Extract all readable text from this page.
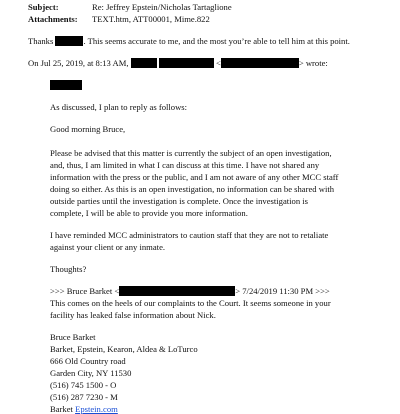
Subject:	Re: Jeffrey Epstein/Nicholas Tartaglione
Attachments: TEXT.htm, ATT00001, Mime.822
Thanks	. This seems accurate to me, and the most you’re able to tell him at this point.
On Jul 25, 2019, at 8:13 AM,	<	> wrote:
As discussed, I plan to reply as follows:
Good morning Bruce,
Please be advised that this matter is currently the subject of an open investigation,
and, thus, I am limited in what I can discuss at this time. I have not shared any
information with the press or the public, and I am not aware of any other MCC staff
doing so either. As this is an open investigation, no information can be shared with
outside parties until the investigation is complete. Once the investigation is
complete, I will be able to provide you more information.
I have reminded MCC administrators to caution staff that they are not to retaliate
against your client or any inmate.
Thoughts?
>>> Bruce Barket <	> 7/24/2019 11:30 PM >>>
This comes on the heels of our complaints to the Court. It seems someone in your
facility has leaked false information about Nick.
Bruce Barket
Barket, Epstein, Kearon, Aldea & LoTurco
666 Old Country road
Garden City, NY 11530
(516) 745 1500 - O
(516) 287 7230 - M
Barket Epstein.com
